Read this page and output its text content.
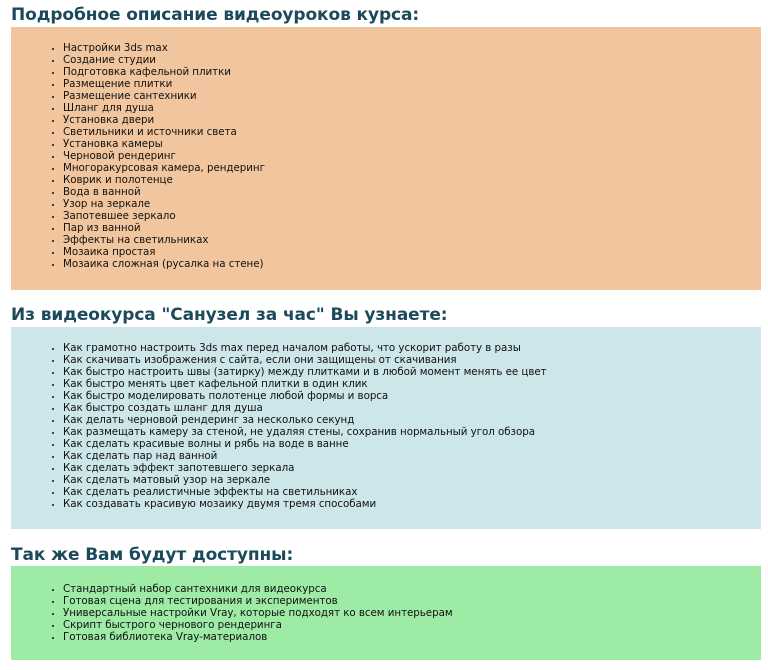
Подробное описание видеоуроков курса:
• Настройки 3ds max
• Создание студии
• Подготовка кафельной плитки
• Размещение плитки
• Размещение сантехники
• Шланг для душа
• Установка двери
• Светильники и источники света
• Установка камеры
• Черновой рендеринг
• Многоракурсовая камера, рендеринг
• Коврик и полотенце
• Вода в ванной
• Узор на зеркале
• Запотевшее зеркало
• Пар из ванной
• Эффекты на светильниках
• Мозаика простая
• Мозаика сложная (русалка на стене)
Из видеокурса "Санузел за час" Вы узнаете:
• Как грамотно настроить 3ds max перед началом работы, что ускорит работу в разы
• Как скачивать изображения с сайта, если они защищены от скачивания
• Как быстро настроить швы (затирку) между плитками и в любой момент менять ее цвет
• Как быстро менять цвет кафельной плитки в один клик
• Как быстро моделировать полотенце любой формы и ворса
• Как быстро создать шланг для душа
• Как делать черновой рендеринг за несколько секунд
• Как размещать камеру за стеной, не удаляя стены, сохранив нормальный угол обзора
• Как сделать красивые волны и рябь на воде в ванне
• Как сделать пар над ванной
• Как сделать эффект запотевшего зеркала
• Как сделать матовый узор на зеркале
• Как сделать реалистичные эффекты на светильниках
• Как создавать красивую мозаику двумя тремя способами
Так же Вам будут доступны:
• Стандартный набор сантехники для видеокурса
• Готовая сцена для тестирования и экспериментов
• Универсальные настройки Vray, которые подходят ко всем интерьерам
• Скрипт быстрого чернового рендеринга
• Готовая библиотека Vray-материалов
